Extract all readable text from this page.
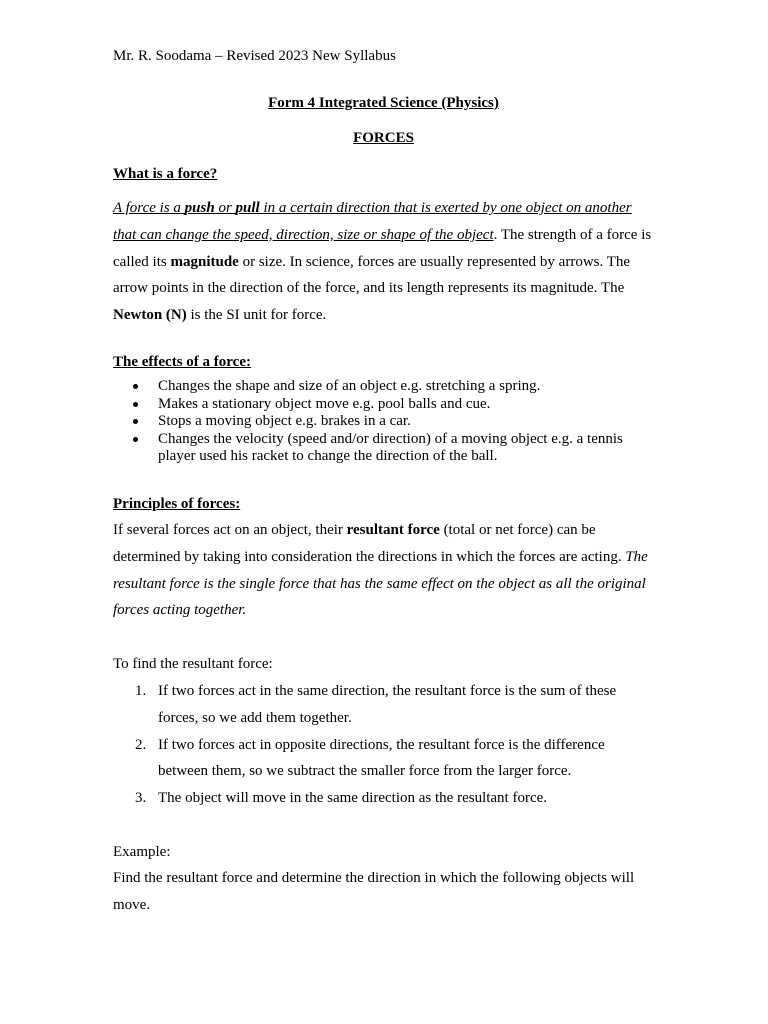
Mr. R. Soodama – Revised 2023 New Syllabus
Form 4 Integrated Science (Physics)
FORCES
What is a force?
A force is a push or pull in a certain direction that is exerted by one object on another that can change the speed, direction, size or shape of the object. The strength of a force is called its magnitude or size. In science, forces are usually represented by arrows. The arrow points in the direction of the force, and its length represents its magnitude. The Newton (N) is the SI unit for force.
The effects of a force:
Changes the shape and size of an object e.g. stretching a spring.
Makes a stationary object move e.g. pool balls and cue.
Stops a moving object e.g. brakes in a car.
Changes the velocity (speed and/or direction) of a moving object e.g. a tennis player used his racket to change the direction of the ball.
Principles of forces:
If several forces act on an object, their resultant force (total or net force) can be determined by taking into consideration the directions in which the forces are acting. The resultant force is the single force that has the same effect on the object as all the original forces acting together.
To find the resultant force:
1. If two forces act in the same direction, the resultant force is the sum of these forces, so we add them together.
2. If two forces act in opposite directions, the resultant force is the difference between them, so we subtract the smaller force from the larger force.
3. The object will move in the same direction as the resultant force.
Example:
Find the resultant force and determine the direction in which the following objects will move.
